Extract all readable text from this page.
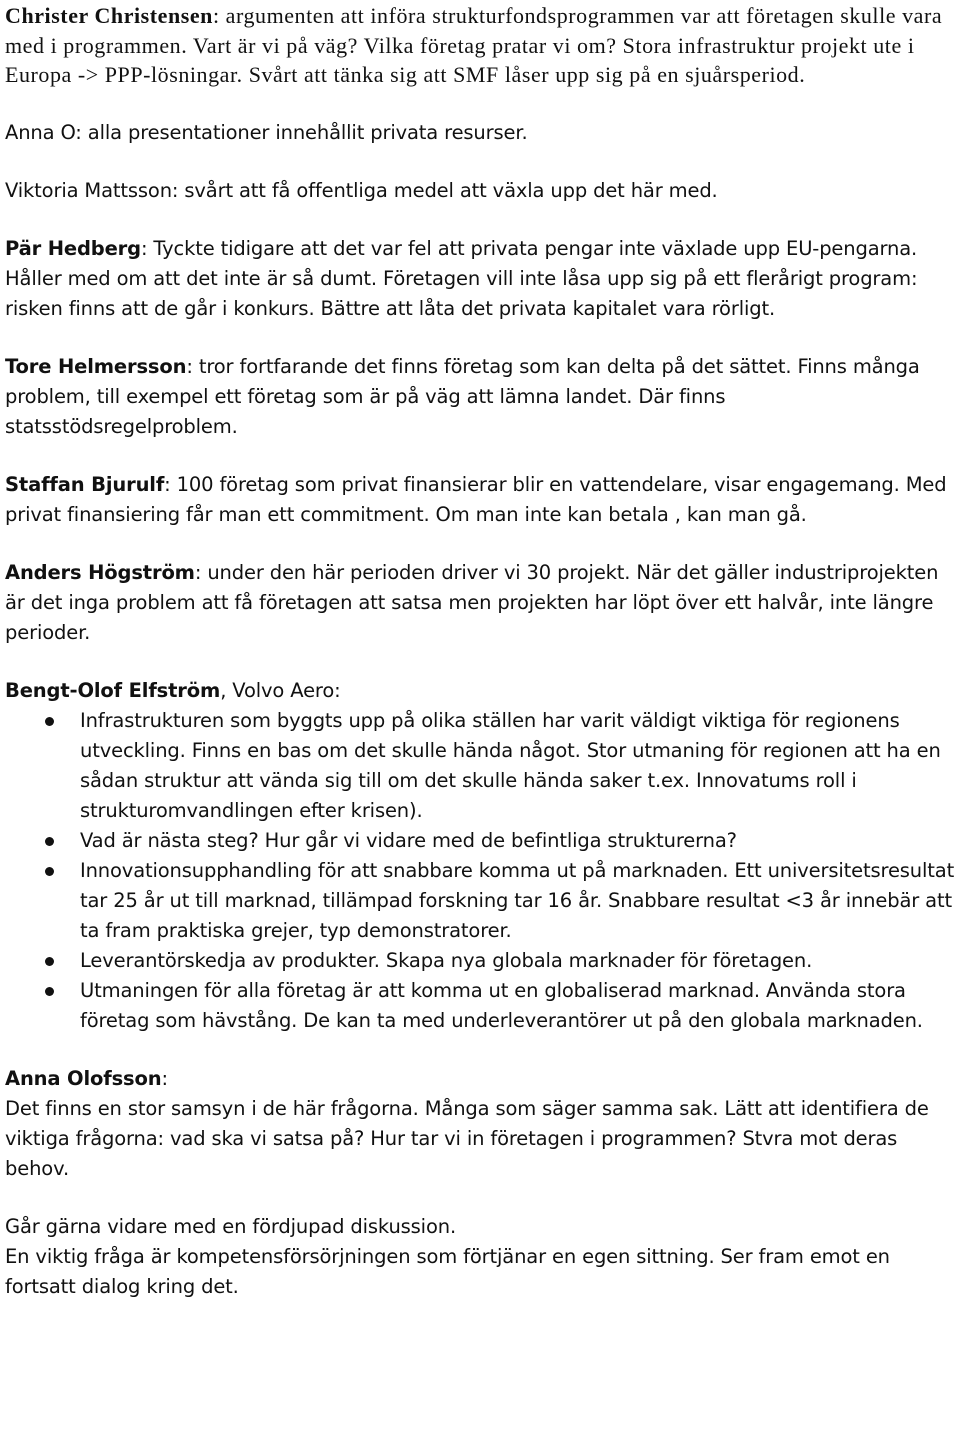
Christer Christensen: argumenten att införa strukturfondsprogrammen var att företagen skulle vara med i programmen. Vart är vi på väg? Vilka företag pratar vi om? Stora infrastruktur projekt ute i Europa -> PPP-lösningar. Svårt att tänka sig att SMF låser upp sig på en sjuårsperiod.

Anna O: alla presentationer innehållit privata resurser.

Viktoria Mattsson: svårt att få offentliga medel att växla upp det här med.

Pär Hedberg: Tyckte tidigare att det var fel att privata pengar inte växlade upp EU-pengarna. Håller med om att det inte är så dumt. Företagen vill inte låsa upp sig på ett flerårigt program: risken finns att de går i konkurs. Bättre att låta det privata kapitalet vara rörligt.

Tore Helmersson: tror fortfarande det finns företag som kan delta på det sättet. Finns många problem, till exempel ett företag som är på väg att lämna landet. Där finns statsstödsregelproblem.

Staffan Bjurulf: 100 företag som privat finansierar blir en vattendelare, visar engagemang. Med privat finansiering får man ett commitment. Om man inte kan betala , kan man gå.

Anders Högström: under den här perioden driver vi 30 projekt. När det gäller industriprojekten är det inga problem att få företagen att satsa men projekten har löpt över ett halvår, inte längre perioder.

Bengt-Olof Elfström, Volvo Aero:

Infrastrukturen som byggts upp på olika ställen har varit väldigt viktiga för regionens utveckling. Finns en bas om det skulle hända något. Stor utmaning för regionen att ha en sådan struktur att vända sig till om det skulle hända saker t.ex. Innovatums roll i strukturomvandlingen efter krisen).
Vad är nästa steg? Hur går vi vidare med de befintliga strukturerna?
Innovationsupphandling för att snabbare komma ut på marknaden. Ett universitetsresultat tar 25 år ut till marknad, tillämpad forskning tar 16 år. Snabbare resultat <3 år innebär att ta fram praktiska grejer, typ demonstratorer.
Leverantörskedja av produkter. Skapa nya globala marknader för företagen.
Utmaningen för alla företag är att komma ut en globaliserad marknad. Använda stora företag som hävstång. De kan ta med underleverantörer ut på den globala marknaden.

Anna Olofsson:

Det finns en stor samsyn i de här frågorna. Många som säger samma sak. Lätt att identifiera de viktiga frågorna: vad ska vi satsa på? Hur tar vi in företagen i programmen? Stvra mot deras behov.

Går gärna vidare med en fördjupad diskussion.

En viktig fråga är kompetensförsörjningen som förtjänar en egen sittning. Ser fram emot en fortsatt dialog kring det.
